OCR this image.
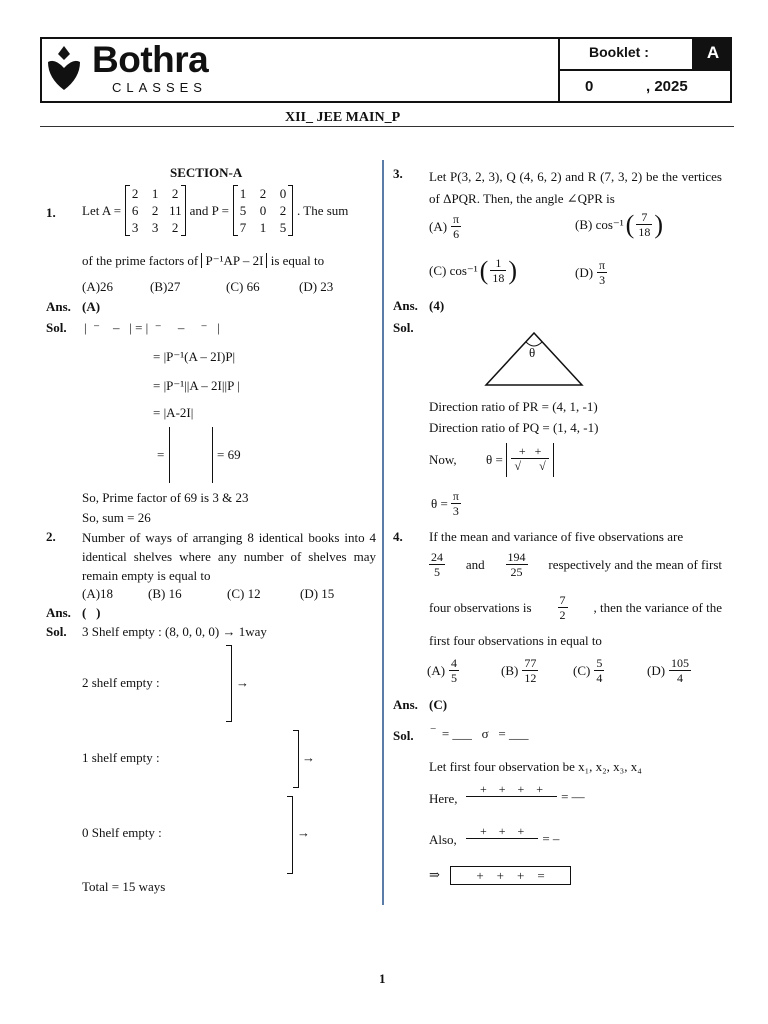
Bothra
CLASSES
Booklet :	A
0	, 2025
XII_ JEE MAIN_P
SECTION-A
1. Let A =
2 1 2
6 2 11
3 3 2
and P =
1 2 0
5 0 2
7 1 5
. The sum
of the prime factors of P⁻¹AP – 2I is equal to
(A)26	(B)27	(C) 66	(D) 23
Ans. (A)
Sol. |  ⁻    –   | = |  ⁻     –     ⁻   |
= |P⁻¹(A – 2I)P|
= |P⁻¹||A – 2I||P |
= |A-2I|
=	= 69
So, Prime factor of 69 is 3 & 23
So, sum = 26
2. Number of ways of arranging 8 identical books into 4 identical shelves where any number of shelves may remain empty is equal to
(A)18	(B) 16	(C) 12	(D) 15
Ans. (   )
Sol. 3 Shelf empty : (8, 0, 0, 0) → 1way
2 shelf empty :	→
1 shelf empty :	→
0 Shelf empty :	→
Total = 15 ways
3. Let P(3, 2, 3), Q (4, 6, 2) and R (7, 3, 2) be the vertices of ΔPQR. Then, the angle ∠QPR is
$(A) \frac{\pi}{6}$	(B) cos⁻¹ ( $\frac{7}{18}$ )
(C) cos⁻¹ ( $\frac{1}{18}$ )	$(D) \frac{\pi}{3}$
Ans. (4)
Sol.
θ
Direction ratio of PR = (4, 1, -1)
Direction ratio of PQ = (1, 4, -1)
Now, $\theta = \frac{+ +}{√ √}$
$\theta = \frac{\pi}{3}$
4. If the mean and variance of five observations are
$\frac{24}{5}$ and $\frac{194}{25}$ respectively and the mean of first
four observations is $\frac{7}{2}$ , then the variance of the
first four observations in equal to
$(A) \frac{4}{5}$	$(B) \frac{77}{12}$	$(C) \frac{5}{4}$	$(D) \frac{105}{4}$
Ans. (C)
Sol. ‾  = ___   σ   = ___
Let first four observation be x₁, x₂, x₃, x₄
Here,
+    +    +    +
	= —
Also,
+    +    +
	= –
⇒	+    +    +    =
1
